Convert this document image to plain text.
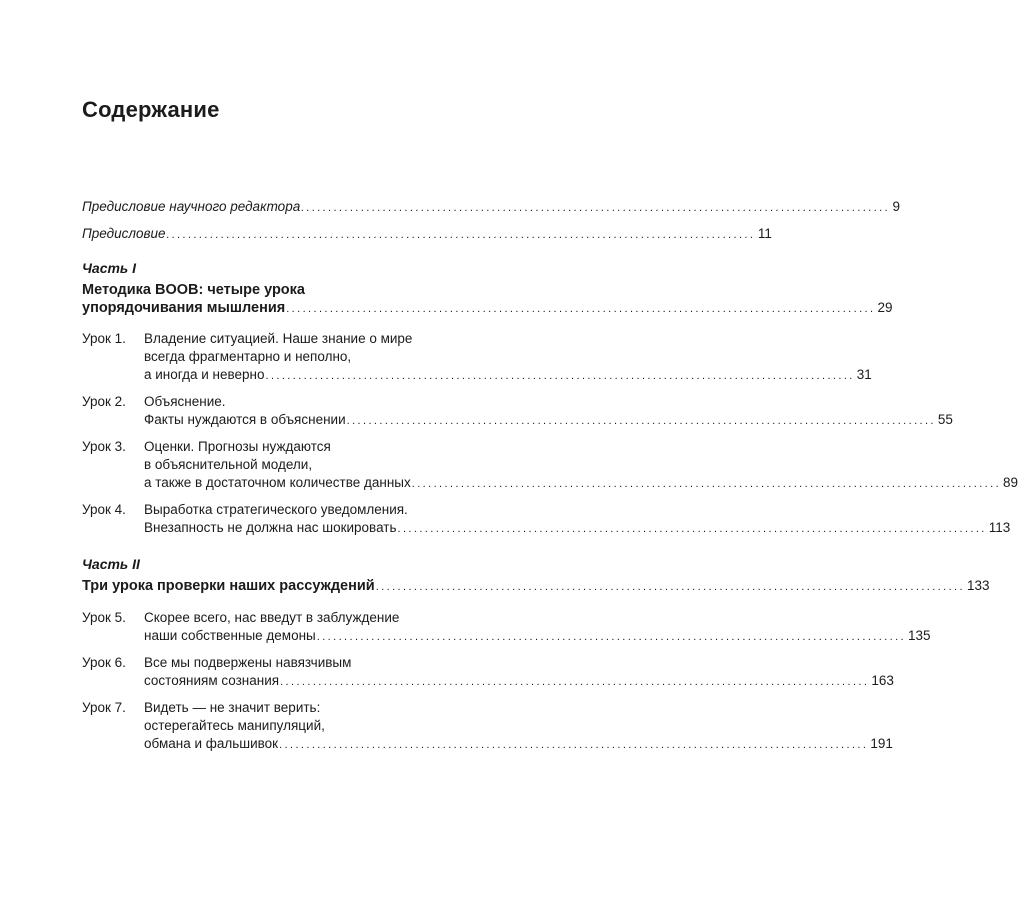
Содержание
Предисловие научного редактора ............................................................................................................ 9
Предисловие ............................................................................................................ 11
Часть I
Методика BOOB: четыре урока
упорядочивания мышления ............................................................................................................ 29
Урок 1. Владение ситуацией. Наше знание о мире
всегда фрагментарно и неполно,
а иногда и неверно ............................................................................................................ 31
Урок 2. Объяснение.
Факты нуждаются в объяснении ............................................................................................................ 55
Урок 3. Оценки. Прогнозы нуждаются
в объяснительной модели,
а также в достаточном количестве данных ............................................................................................................ 89
Урок 4. Выработка стратегического уведомления.
Внезапность не должна нас шокировать ............................................................................................................ 113
Часть II
Три урока проверки наших рассуждений ............................................................................................................ 133
Урок 5. Скорее всего, нас введут в заблуждение
наши собственные демоны ............................................................................................................ 135
Урок 6. Все мы подвержены навязчивым
состояниям сознания ............................................................................................................ 163
Урок 7. Видеть — не значит верить:
остерегайтесь манипуляций,
обмана и фальшивок ............................................................................................................ 191
